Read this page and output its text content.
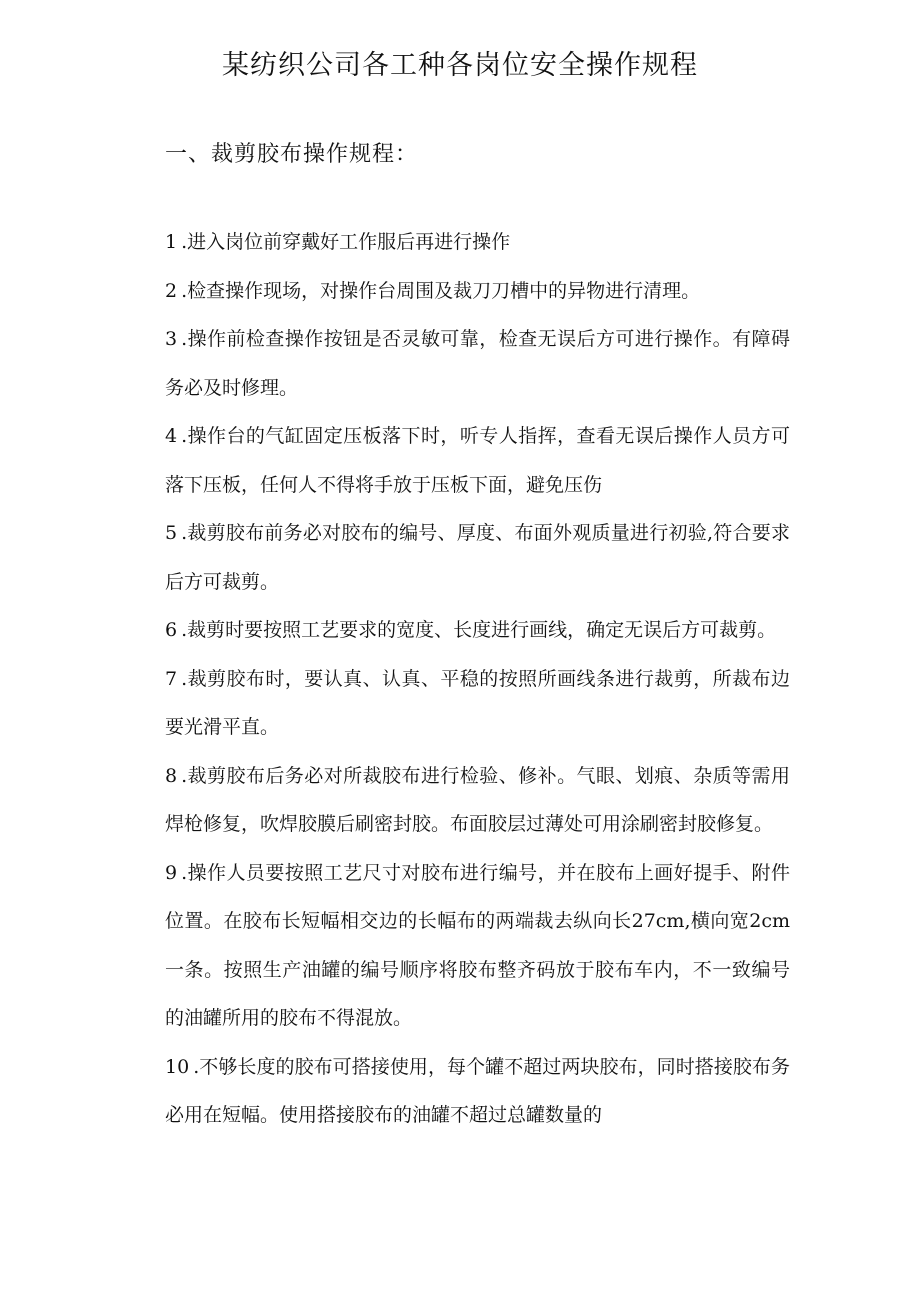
某纺织公司各工种各岗位安全操作规程
一、裁剪胶布操作规程：
1 .进入岗位前穿戴好工作服后再进行操作
2 .检查操作现场，对操作台周围及裁刀刀槽中的异物进行清理。
3 .操作前检查操作按钮是否灵敏可靠，检查无误后方可进行操作。有障碍务必及时修理。
4 .操作台的气缸固定压板落下时，听专人指挥，查看无误后操作人员方可落下压板，任何人不得将手放于压板下面，避免压伤
5 .裁剪胶布前务必对胶布的编号、厚度、布面外观质量进行初验,符合要求后方可裁剪。
6 .裁剪时要按照工艺要求的宽度、长度进行画线，确定无误后方可裁剪。
7 .裁剪胶布时，要认真、认真、平稳的按照所画线条进行裁剪，所裁布边要光滑平直。
8 .裁剪胶布后务必对所裁胶布进行检验、修补。气眼、划痕、杂质等需用焊枪修复，吹焊胶膜后刷密封胶。布面胶层过薄处可用涂刷密封胶修复。
9 .操作人员要按照工艺尺寸对胶布进行编号，并在胶布上画好提手、附件位置。在胶布长短幅相交边的长幅布的两端裁去纵向长27cm,横向宽2cm一条。按照生产油罐的编号顺序将胶布整齐码放于胶布车内，不一致编号的油罐所用的胶布不得混放。
10 .不够长度的胶布可搭接使用，每个罐不超过两块胶布，同时搭接胶布务必用在短幅。使用搭接胶布的油罐不超过总罐数量的
